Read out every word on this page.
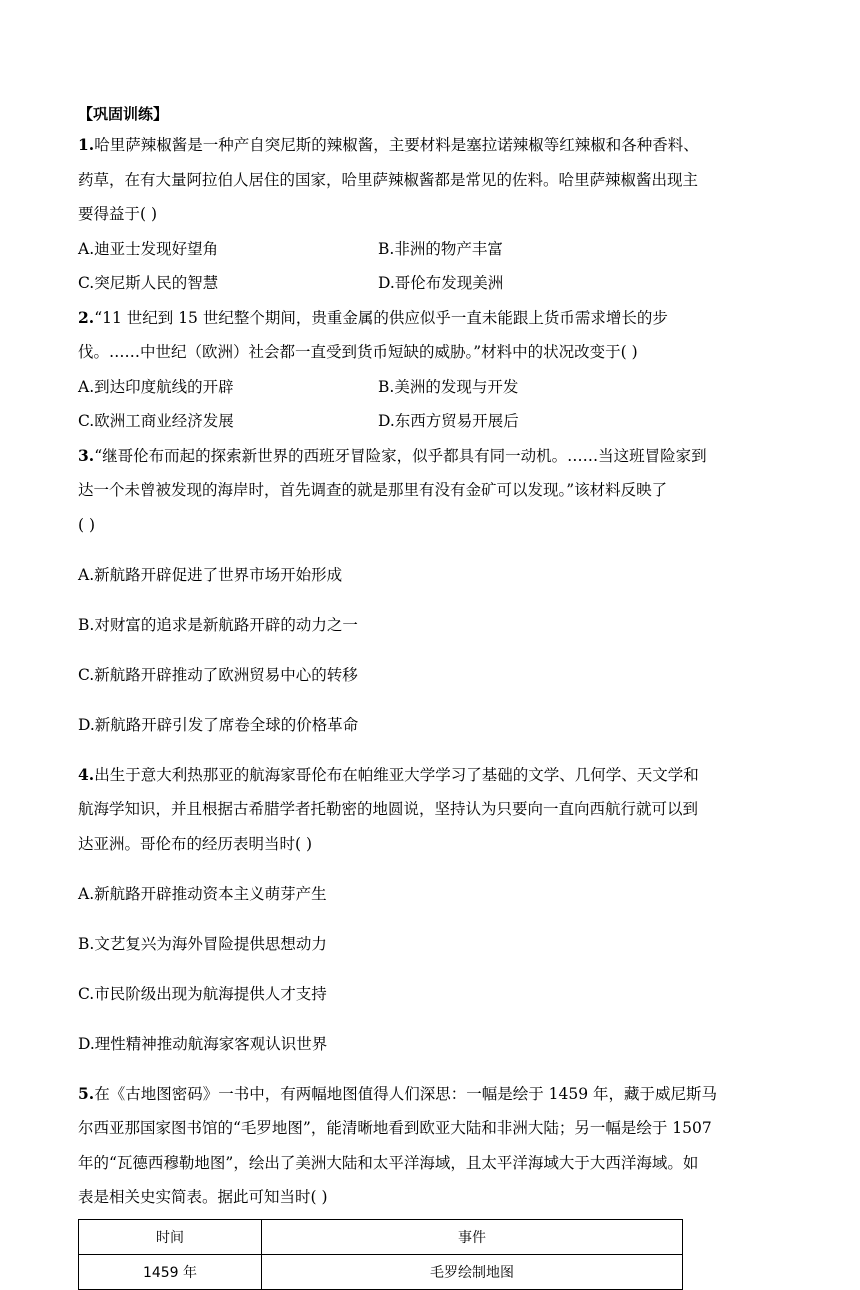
【巩固训练】

1.哈里萨辣椒酱是一种产自突尼斯的辣椒酱，主要材料是塞拉诺辣椒等红辣椒和各种香料、

药草，在有大量阿拉伯人居住的国家，哈里萨辣椒酱都是常见的佐料。哈里萨辣椒酱出现主

要得益于( )

A.迪亚士发现好望角	B.非洲的物产丰富
C.突尼斯人民的智慧	D.哥伦布发现美洲

2.“11 世纪到 15 世纪整个期间，贵重金属的供应似乎一直未能跟上货币需求增长的步

伐。……中世纪（欧洲）社会都一直受到货币短缺的威胁。”材料中的状况改变于( )

A.到达印度航线的开辟	B.美洲的发现与开发
C.欧洲工商业经济发展	D.东西方贸易开展后

3.“继哥伦布而起的探索新世界的西班牙冒险家，似乎都具有同一动机。……当这班冒险家到

达一个未曾被发现的海岸时，首先调查的就是那里有没有金矿可以发现。”该材料反映了

( )

A.新航路开辟促进了世界市场开始形成

B.对财富的追求是新航路开辟的动力之一

C.新航路开辟推动了欧洲贸易中心的转移

D.新航路开辟引发了席卷全球的价格革命

4.出生于意大利热那亚的航海家哥伦布在帕维亚大学学习了基础的文学、几何学、天文学和

航海学知识，并且根据古希腊学者托勒密的地圆说，坚持认为只要向一直向西航行就可以到

达亚洲。哥伦布的经历表明当时( )

A.新航路开辟推动资本主义萌芽产生

B.文艺复兴为海外冒险提供思想动力

C.市民阶级出现为航海提供人才支持

D.理性精神推动航海家客观认识世界

5.在《古地图密码》一书中，有两幅地图值得人们深思：一幅是绘于 1459 年，藏于威尼斯马

尔西亚那国家图书馆的“毛罗地图”，能清晰地看到欧亚大陆和非洲大陆；另一幅是绘于 1507

年的“瓦德西穆勒地图”，绘出了美洲大陆和太平洋海域，且太平洋海域大于大西洋海域。如

表是相关史实简表。据此可知当时( )

时间	事件
1459 年	毛罗绘制地图
